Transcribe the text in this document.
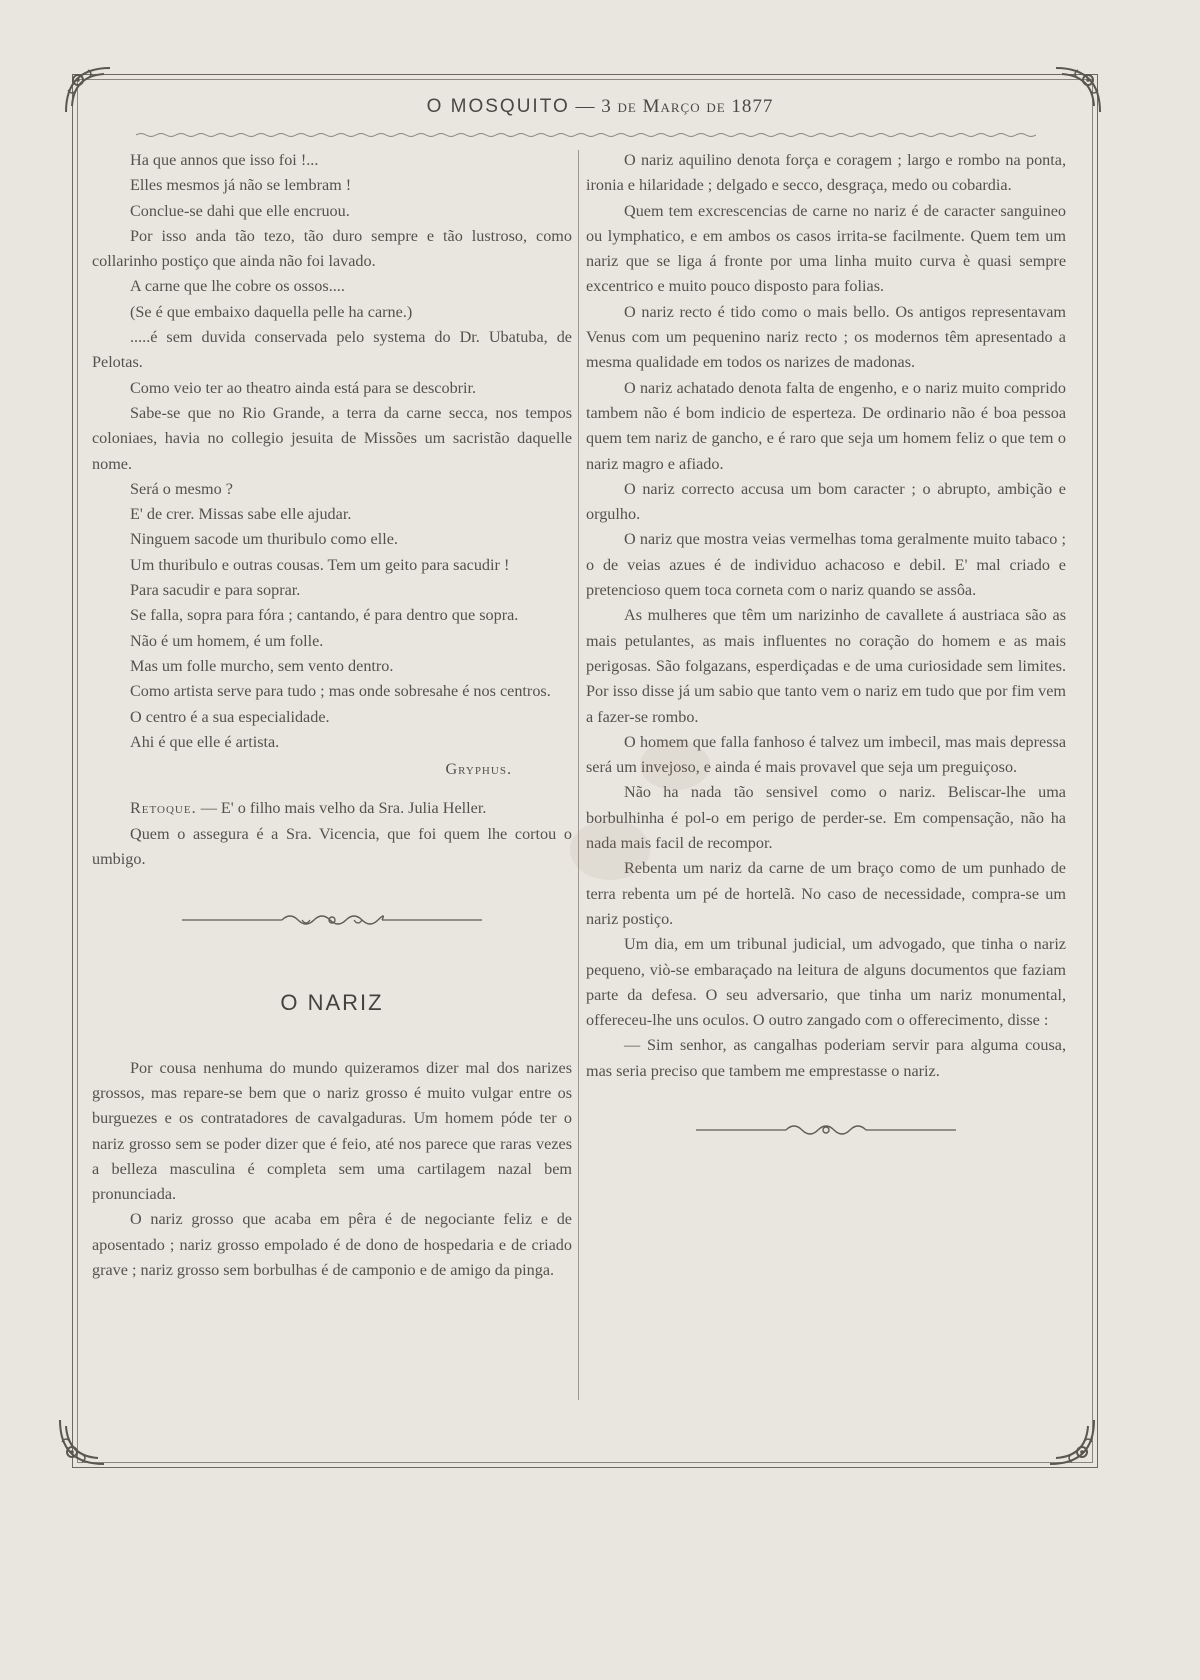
O MOSQUITO — 3 de Março de 1877

Ha que annos que isso foi !...

Elles mesmos já não se lembram !

Conclue-se dahi que elle encruou.

Por isso anda tão tezo, tão duro sempre e tão lustroso, como collarinho postiço que ainda não foi lavado.

A carne que lhe cobre os ossos....

(Se é que embaixo daquella pelle ha carne.)

.....é sem duvida conservada pelo systema do Dr. Ubatuba, de Pelotas.

Como veio ter ao theatro ainda está para se descobrir.

Sabe-se que no Rio Grande, a terra da carne secca, nos tempos coloniaes, havia no collegio jesuita de Missões um sacristão daquelle nome.

Será o mesmo ?

E' de crer. Missas sabe elle ajudar.

Ninguem sacode um thuribulo como elle.

Um thuribulo e outras cousas. Tem um geito para sacudir !

Para sacudir e para soprar.

Se falla, sopra para fóra ; cantando, é para dentro que sopra.

Não é um homem, é um folle.

Mas um folle murcho, sem vento dentro.

Como artista serve para tudo ; mas onde sobresahe é nos centros.

O centro é a sua especialidade.

Ahi é que elle é artista.

Gryphus.

Retoque. — E' o filho mais velho da Sra. Julia Heller.

Quem o assegura é a Sra. Vicencia, que foi quem lhe cortou o umbigo.

O NARIZ

Por cousa nenhuma do mundo quizeramos dizer mal dos narizes grossos, mas repare-se bem que o nariz grosso é muito vulgar entre os burguezes e os contratadores de cavalgaduras. Um homem póde ter o nariz grosso sem se poder dizer que é feio, até nos parece que raras vezes a belleza masculina é completa sem uma cartilagem nazal bem pronunciada.

O nariz grosso que acaba em pêra é de negociante feliz e de aposentado ; nariz grosso empolado é de dono de hospedaria e de criado grave ; nariz grosso sem borbulhas é de camponio e de amigo da pinga.

O nariz aquilino denota força e coragem ; largo e rombo na ponta, ironia e hilaridade ; delgado e secco, desgraça, medo ou cobardia.

Quem tem excrescencias de carne no nariz é de caracter sanguineo ou lymphatico, e em ambos os casos irrita-se facilmente. Quem tem um nariz que se liga á fronte por uma linha muito curva è quasi sempre excentrico e muito pouco disposto para folias.

O nariz recto é tido como o mais bello. Os antigos representavam Venus com um pequenino nariz recto ; os modernos têm apresentado a mesma qualidade em todos os narizes de madonas.

O nariz achatado denota falta de engenho, e o nariz muito comprido tambem não é bom indicio de esperteza. De ordinario não é boa pessoa quem tem nariz de gancho, e é raro que seja um homem feliz o que tem o nariz magro e afiado.

O nariz correcto accusa um bom caracter ; o abrupto, ambição e orgulho.

O nariz que mostra veias vermelhas toma geralmente muito tabaco ; o de veias azues é de individuo achacoso e debil. E' mal criado e pretencioso quem toca corneta com o nariz quando se assôa.

As mulheres que têm um narizinho de cavallete á austriaca são as mais petulantes, as mais influentes no coração do homem e as mais perigosas. São folgazans, esperdiçadas e de uma curiosidade sem limites. Por isso disse já um sabio que tanto vem o nariz em tudo que por fim vem a fazer-se rombo.

O homem que falla fanhoso é talvez um imbecil, mas mais depressa será um invejoso, e ainda é mais provavel que seja um preguiçoso.

Não ha nada tão sensivel como o nariz. Beliscar-lhe uma borbulhinha é pol-o em perigo de perder-se. Em compensação, não ha nada mais facil de recompor.

Rebenta um nariz da carne de um braço como de um punhado de terra rebenta um pé de hortelã. No caso de necessidade, compra-se um nariz postiço.

Um dia, em um tribunal judicial, um advogado, que tinha o nariz pequeno, viò-se embaraçado na leitura de alguns documentos que faziam parte da defesa. O seu adversario, que tinha um nariz monumental, offereceu-lhe uns oculos. O outro zangado com o offerecimento, disse :

— Sim senhor, as cangalhas poderiam servir para alguma cousa, mas seria preciso que tambem me emprestasse o nariz.
